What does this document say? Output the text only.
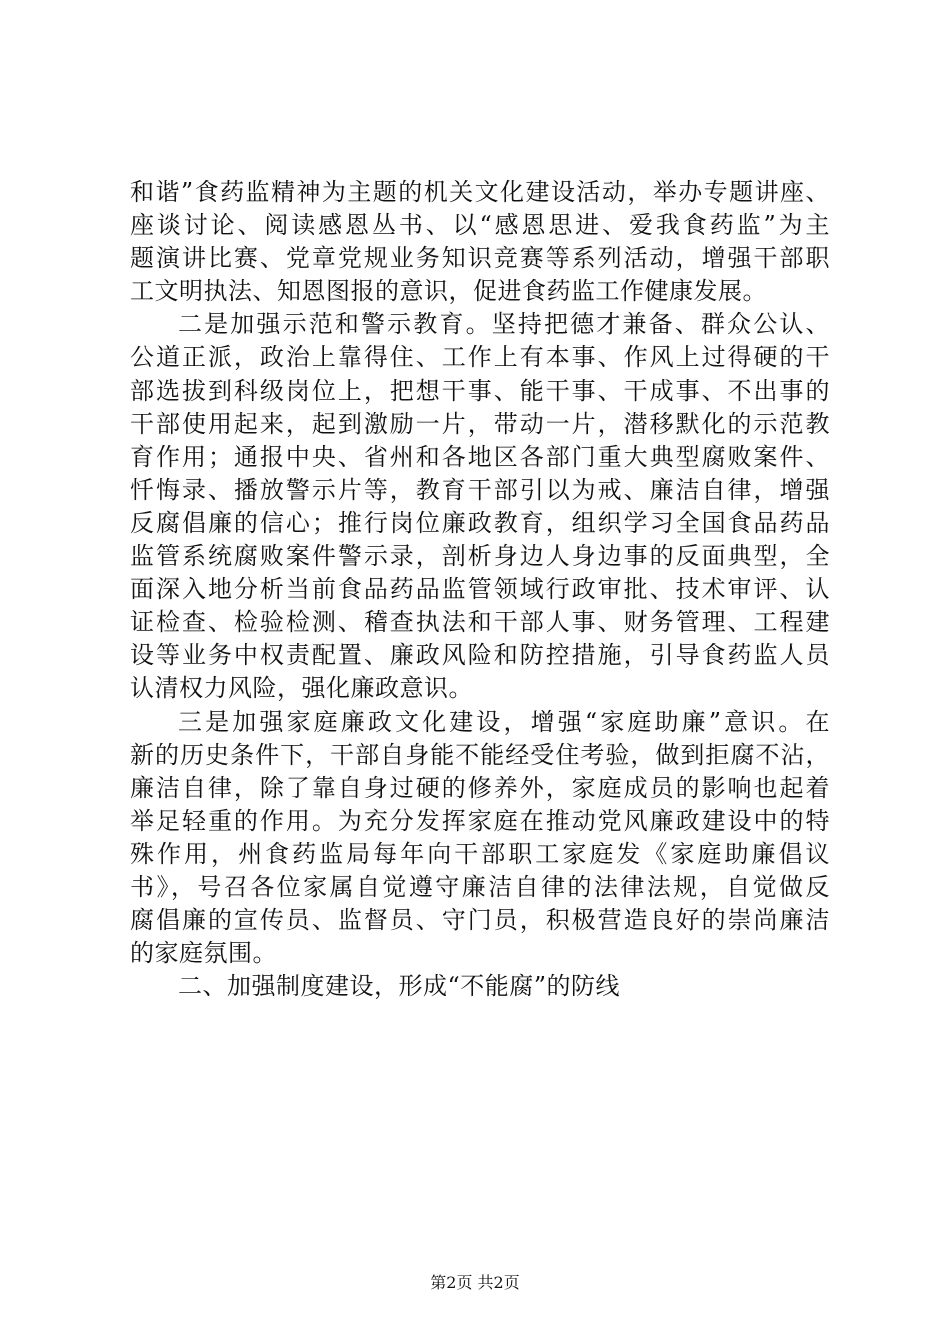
和谐”食药监精神为主题的机关文化建设活动，举办专题讲座、
座谈讨论、阅读感恩丛书、以“感恩思进、爱我食药监”为主
题演讲比赛、党章党规业务知识竞赛等系列活动，增强干部职
工文明执法、知恩图报的意识，促进食药监工作健康发展。
二是加强示范和警示教育。坚持把德才兼备、群众公认、
公道正派，政治上靠得住、工作上有本事、作风上过得硬的干
部选拔到科级岗位上，把想干事、能干事、干成事、不出事的
干部使用起来，起到激励一片，带动一片，潜移默化的示范教
育作用；通报中央、省州和各地区各部门重大典型腐败案件、
忏悔录、播放警示片等，教育干部引以为戒、廉洁自律，增强
反腐倡廉的信心；推行岗位廉政教育，组织学习全国食品药品
监管系统腐败案件警示录，剖析身边人身边事的反面典型，全
面深入地分析当前食品药品监管领域行政审批、技术审评、认
证检查、检验检测、稽查执法和干部人事、财务管理、工程建
设等业务中权责配置、廉政风险和防控措施，引导食药监人员
认清权力风险，强化廉政意识。
三是加强家庭廉政文化建设，增强“家庭助廉”意识。在
新的历史条件下，干部自身能不能经受住考验，做到拒腐不沾，
廉洁自律，除了靠自身过硬的修养外，家庭成员的影响也起着
举足轻重的作用。为充分发挥家庭在推动党风廉政建设中的特
殊作用，州食药监局每年向干部职工家庭发《家庭助廉倡议
书》，号召各位家属自觉遵守廉洁自律的法律法规，自觉做反
腐倡廉的宣传员、监督员、守门员，积极营造良好的崇尚廉洁
的家庭氛围。
二、加强制度建设，形成“不能腐”的防线
第2页 共2页
